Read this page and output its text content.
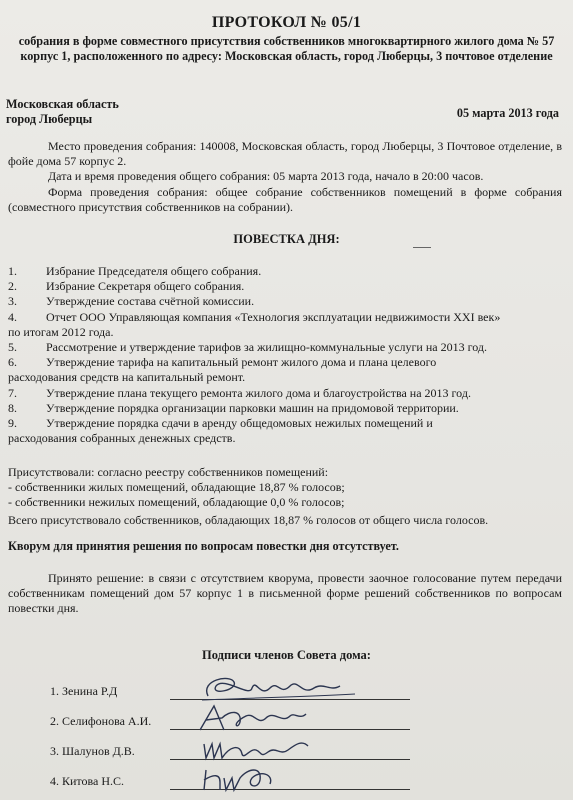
ПРОТОКОЛ № 05/1
собрания в форме совместного присутствия собственников многоквартирного жилого дома № 57 корпус 1, расположенного по адресу: Московская область, город Люберцы, 3 почтовое отделение
Московская область
город Люберцы	05 марта 2013 года
Место проведения собрания: 140008, Московская область, город Люберцы, 3 Почтовое отделение, в фойе дома 57 корпус 2.
Дата и время проведения общего собрания: 05 марта 2013 года, начало в 20:00 часов.
Форма проведения собрания: общее собрание собственников помещений в форме собрания (совместного присутствия собственников на собрании).
ПОВЕСТКА ДНЯ:
1.	Избрание Председателя общего собрания.
2.	Избрание Секретаря общего собрания.
3.	Утверждение состава счётной комиссии.
4.	Отчет ООО Управляющая компания «Технология эксплуатации недвижимости XXI век»
по итогам 2012 года.
5.	Рассмотрение и утверждение тарифов за жилищно-коммунальные услуги на 2013 год.
6.	Утверждение тарифа на капитальный ремонт жилого дома и плана целевого
расходования средств на капитальный ремонт.
7.	Утверждение плана текущего ремонта жилого дома и благоустройства на 2013 год.
8.	Утверждение порядка организации парковки машин на придомовой территории.
9.	Утверждение порядка сдачи в аренду общедомовых нежилых помещений и
расходования собранных денежных средств.
Присутствовали: согласно реестру собственников помещений:
- собственники жилых помещений, обладающие 18,87 % голосов;
- собственники нежилых помещений, обладающие 0,0 % голосов;
Всего присутствовало собственников, обладающих 18,87 % голосов от общего числа голосов.
Кворум для принятия решения по вопросам повестки дня отсутствует.
Принято решение: в связи с отсутствием кворума, провести заочное голосование путем передачи собственникам помещений дом 57 корпус 1 в письменной форме решений собственников по вопросам повестки дня.
Подписи членов Совета дома:
1. Зенина Р.Д
2. Селифонова А.И.
3. Шалунов Д.В.
4. Китова Н.С.
